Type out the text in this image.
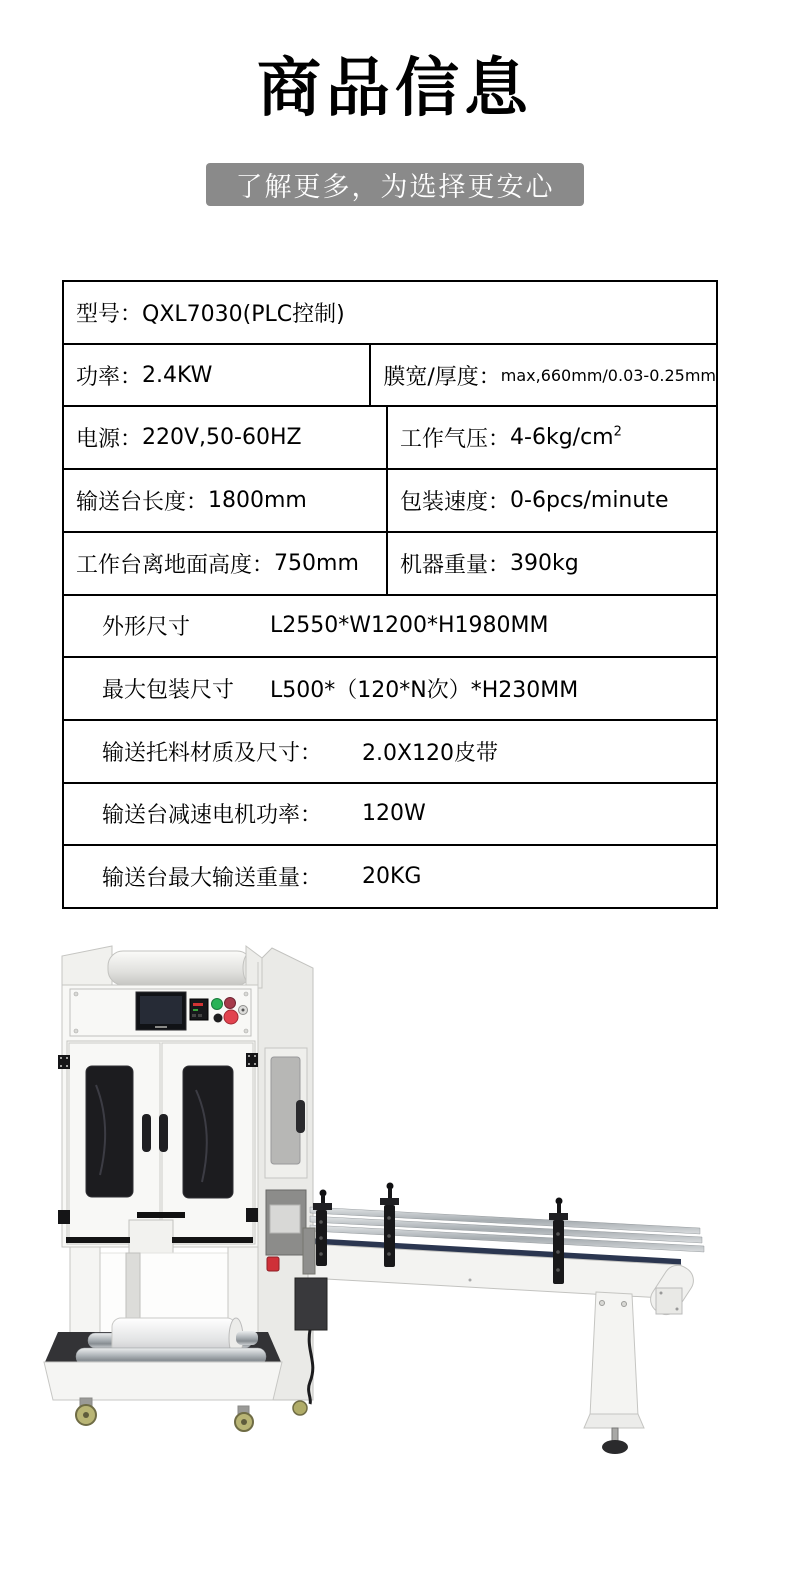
商品信息
了解更多，为选择更安心
型号： QXL7030(PLC控制)
功率： 2.4KW	膜宽/厚度： max,660mm/0.03-0.25mm
电源： 220V,50-60HZ	工作气压： $4-6kg/cm^2$
输送台长度： 1800mm	包装速度： 0-6pcs/minute
工作台离地面高度： 750mm 机器重量： 390kg
外形尺寸	L2550*W1200*H1980MM
最大包装尺寸	L500*（120*N次）*H230MM
输送托料材质及尺寸：	2.0X120皮带
输送台减速电机功率：	120W
输送台最大输送重量：	20KG
